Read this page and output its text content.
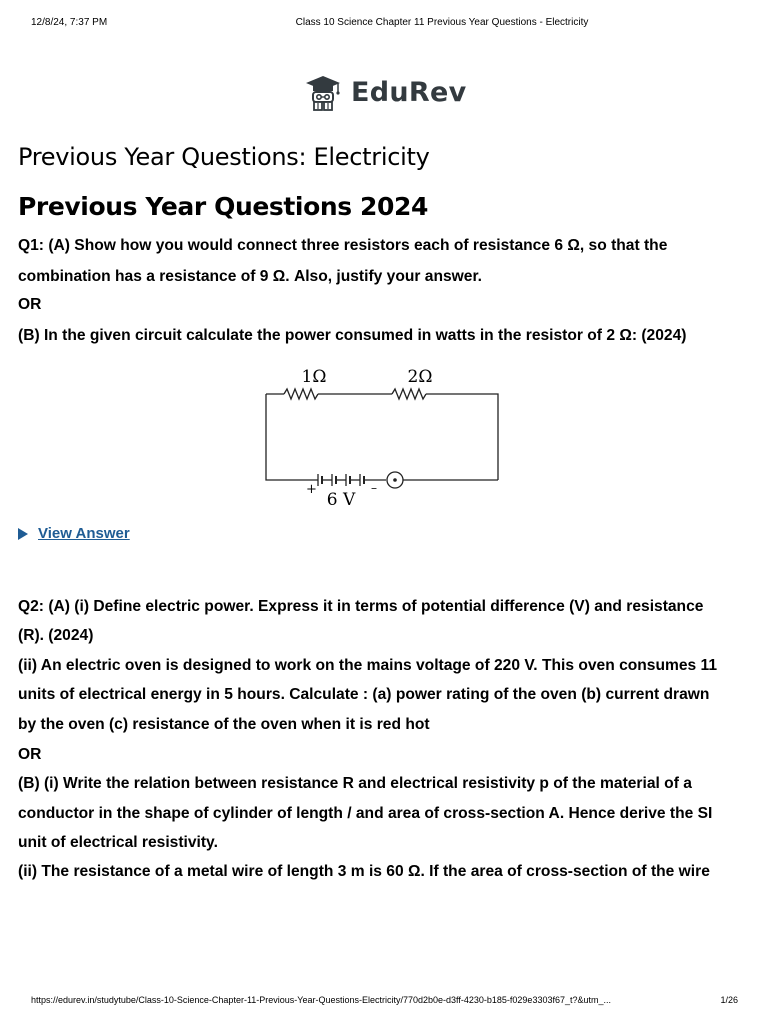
12/8/24, 7:37 PM	Class 10 Science Chapter 11 Previous Year Questions - Electricity
EduRev
Previous Year Questions: Electricity
Previous Year Questions 2024

Q1: (A) Show how you would connect three resistors each of resistance 6 Ω, so that the

combination has a resistance of 9 Ω. Also, justify your answer.

OR

(B) In the given circuit calculate the power consumed in watts in the resistor of 2 Ω: (2024)

1Ω	2Ω
+	–
6 V
View Answer

Q2: (A) (i) Define electric power. Express it in terms of potential difference (V) and resistance

(R). (2024)

(ii) An electric oven is designed to work on the mains voltage of 220 V. This oven consumes 11

units of electrical energy in 5 hours. Calculate : (a) power rating of the oven (b) current drawn

by the oven (c) resistance of the oven when it is red hot

OR

(B) (i) Write the relation between resistance R and electrical resistivity p of the material of a

conductor in the shape of cylinder of length / and area of cross-section A. Hence derive the SI

unit of electrical resistivity.

(ii) The resistance of a metal wire of length 3 m is 60 Ω. If the area of cross-section of the wire

https://edurev.in/studytube/Class-10-Science-Chapter-11-Previous-Year-Questions-Electricity/770d2b0e-d3ff-4230-b185-f029e3303f67_t?&utm_...	1/26
